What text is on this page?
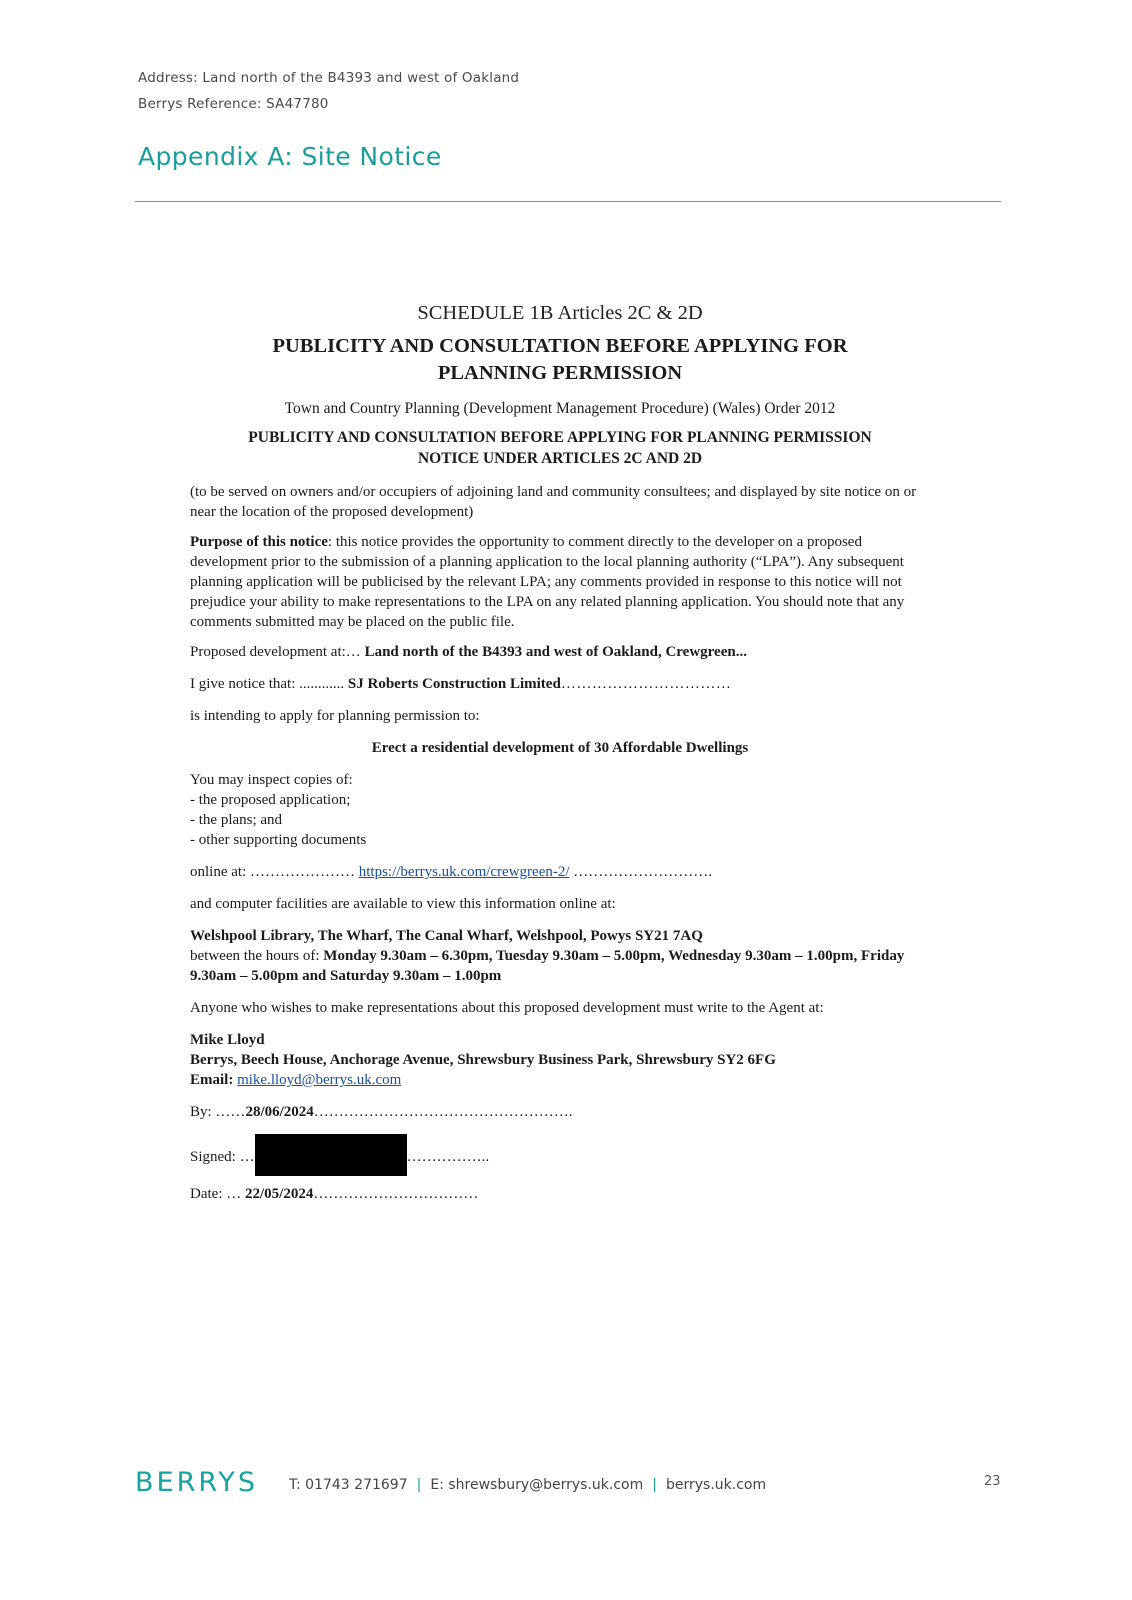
Address: Land north of the B4393 and west of Oakland
Berrys Reference: SA47780
Appendix A: Site Notice
SCHEDULE 1B Articles 2C & 2D
PUBLICITY AND CONSULTATION BEFORE APPLYING FOR
PLANNING PERMISSION
Town and Country Planning (Development Management Procedure) (Wales) Order 2012
PUBLICITY AND CONSULTATION BEFORE APPLYING FOR PLANNING PERMISSION
NOTICE UNDER ARTICLES 2C AND 2D

(to be served on owners and/or occupiers of adjoining land and community consultees; and displayed by site notice on or near the location of the proposed development)

Purpose of this notice: this notice provides the opportunity to comment directly to the developer on a proposed development prior to the submission of a planning application to the local planning authority (“LPA”). Any subsequent planning application will be publicised by the relevant LPA; any comments provided in response to this notice will not prejudice your ability to make representations to the LPA on any related planning application. You should note that any comments submitted may be placed on the public file.

Proposed development at:… Land north of the B4393 and west of Oakland, Crewgreen...
I give notice that: ............ SJ Roberts Construction Limited……………………………
is intending to apply for planning permission to:
Erect a residential development of 30 Affordable Dwellings
You may inspect copies of:
- the proposed application;
- the plans; and
- other supporting documents
online at: ………………… https://berrys.uk.com/crewgreen-2/ ……………………….
and computer facilities are available to view this information online at:
Welshpool Library, The Wharf, The Canal Wharf, Welshpool, Powys SY21 7AQ
between the hours of: Monday 9.30am – 6.30pm, Tuesday 9.30am – 5.00pm, Wednesday 9.30am – 1.00pm, Friday 9.30am – 5.00pm and Saturday 9.30am – 1.00pm
Anyone who wishes to make representations about this proposed development must write to the Agent at:
Mike Lloyd
Berrys, Beech House, Anchorage Avenue, Shrewsbury Business Park, Shrewsbury SY2 6FG
Email: mike.lloyd@berrys.uk.com
By: ……28/06/2024…………………………………………….
Signed: …	……………..
Date: … 22/05/2024……………………………
BERRYS T: 01743 271697 | E: shrewsbury@berrys.uk.com | berrys.uk.com	23
